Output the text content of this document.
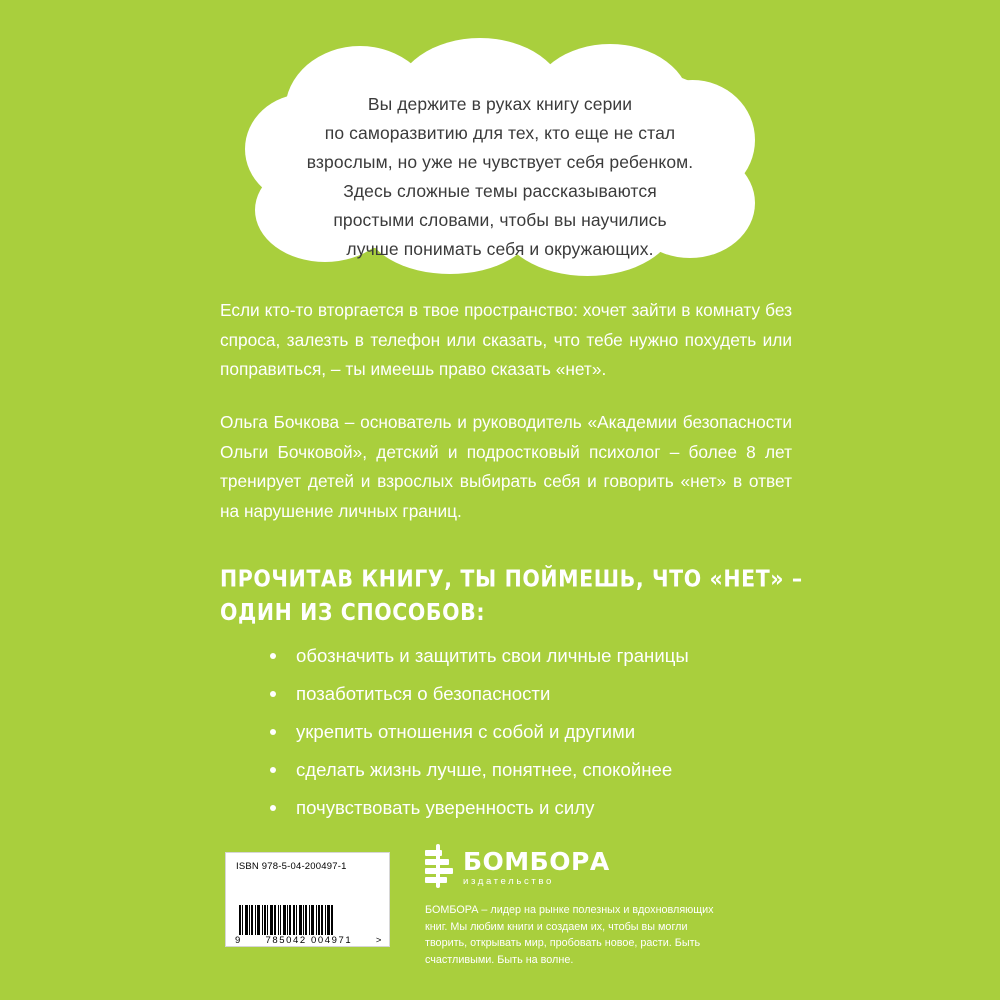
Вы держите в руках книгу серии
по саморазвитию для тех, кто еще не стал
взрослым, но уже не чувствует себя ребенком.
Здесь сложные темы рассказываются
простыми словами, чтобы вы научились
лучше понимать себя и окружающих.

Если кто-то вторгается в твое пространство: хочет зайти в комнату без спроса, залезть в телефон или сказать, что тебе нужно похудеть или поправиться, – ты имеешь право сказать «нет».

Ольга Бочкова – основатель и руководитель «Академии безопасности Ольги Бочковой», детский и подростковый психолог – более 8 лет тренирует детей и взрослых выбирать себя и говорить «нет» в ответ на нарушение личных границ.

ПРОЧИТАВ КНИГУ, ТЫ ПОЙМЕШЬ, ЧТО «НЕТ» – ОДИН ИЗ СПОСОБОВ:
обозначить и защитить свои личные границы
позаботиться о безопасности
укрепить отношения с собой и другими
сделать жизнь лучше, понятнее, спокойнее
почувствовать уверенность и силу
ISBN 978-5-04-200497-1
9 785042 004971 >
БОМБОРА
издательство
БОМБОРА – лидер на рынке полезных и вдохновляющих книг. Мы любим книги и создаем их, чтобы вы могли творить, открывать мир, пробовать новое, расти. Быть счастливыми. Быть на волне.
